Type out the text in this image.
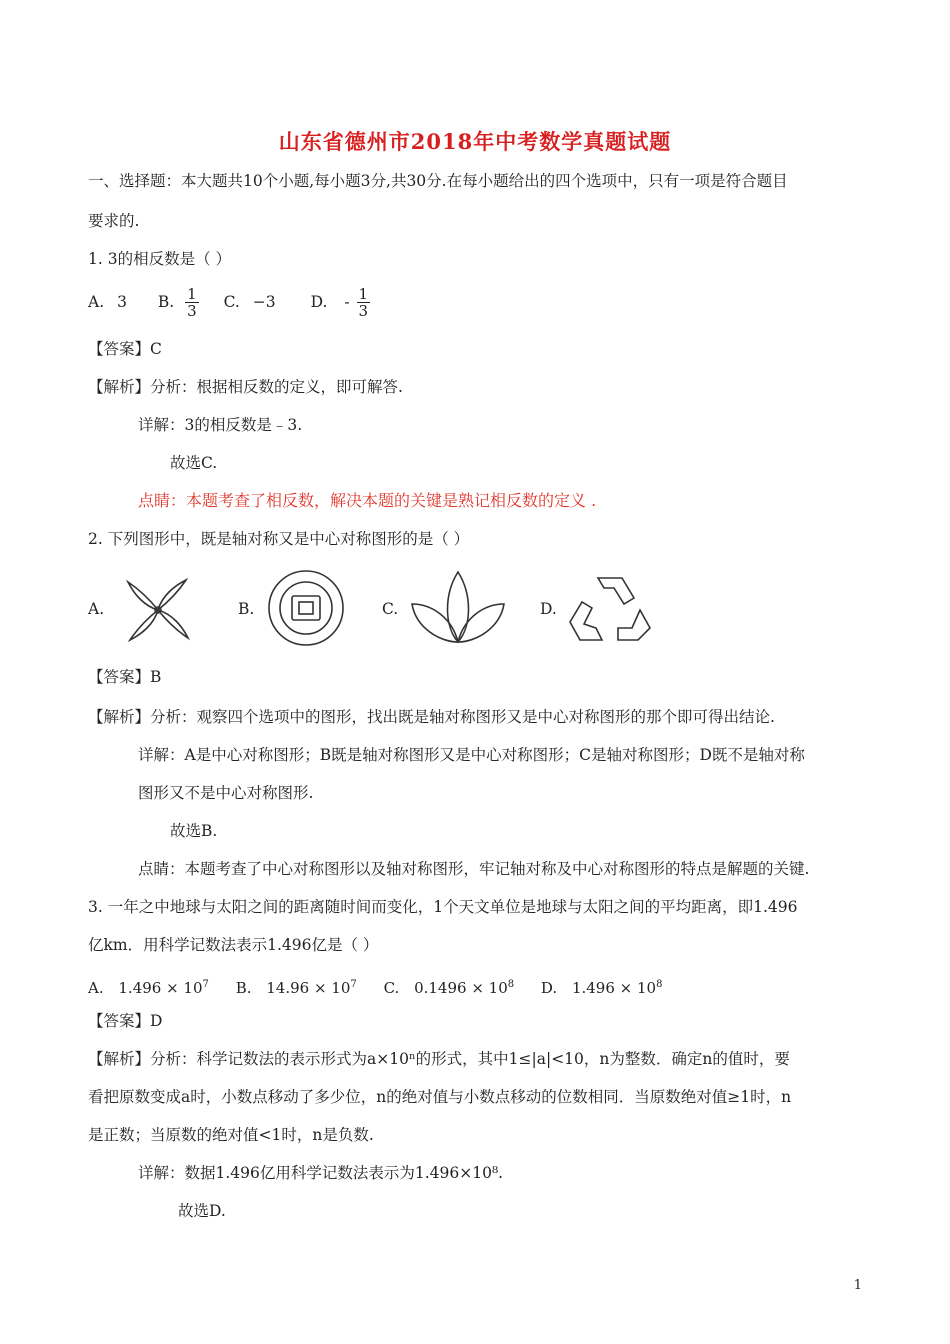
山东省德州市2018年中考数学真题试题
一、选择题：本大题共10个小题,每小题3分,共30分.在每小题给出的四个选项中，只有一项是符合题目
要求的.
1. 3的相反数是（ ）
A. 3 B. $\frac{1}{3} C$. −3 D. - $\frac{1}{3}$
【答案】C
【解析】分析：根据相反数的定义，即可解答.
详解：3的相反数是﹣3.
故选C.
点睛：本题考查了相反数，解决本题的关键是熟记相反数的定义 .
2. 下列图形中，既是轴对称又是中心对称图形的是（ ）
A.	B.	C.	D.
【答案】B
【解析】分析：观察四个选项中的图形，找出既是轴对称图形又是中心对称图形的那个即可得出结论.
详解：A是中心对称图形；B既是轴对称图形又是中心对称图形；C是轴对称图形；D既不是轴对称
图形又不是中心对称图形.
故选B.
点睛：本题考查了中心对称图形以及轴对称图形，牢记轴对称及中心对称图形的特点是解题的关键.
3. 一年之中地球与太阳之间的距离随时间而变化，1个天文单位是地球与太阳之间的平均距离，即1.496
亿km．用科学记数法表示1.496亿是（ ）
A. $1.496 \times 10^7$ B. $14.96 \times 10^7$ C. $0.1496 \times 10^8$ D. $1.496 \times 10^8$
【答案】D
【解析】分析：科学记数法的表示形式为a×10ⁿ的形式，其中1≤|a|<10，n为整数．确定n的值时，要
看把原数变成a时，小数点移动了多少位，n的绝对值与小数点移动的位数相同．当原数绝对值≥1时，n
是正数；当原数的绝对值<1时，n是负数.
详解：数据1.496亿用科学记数法表示为1.496×10⁸.
故选D.
1
